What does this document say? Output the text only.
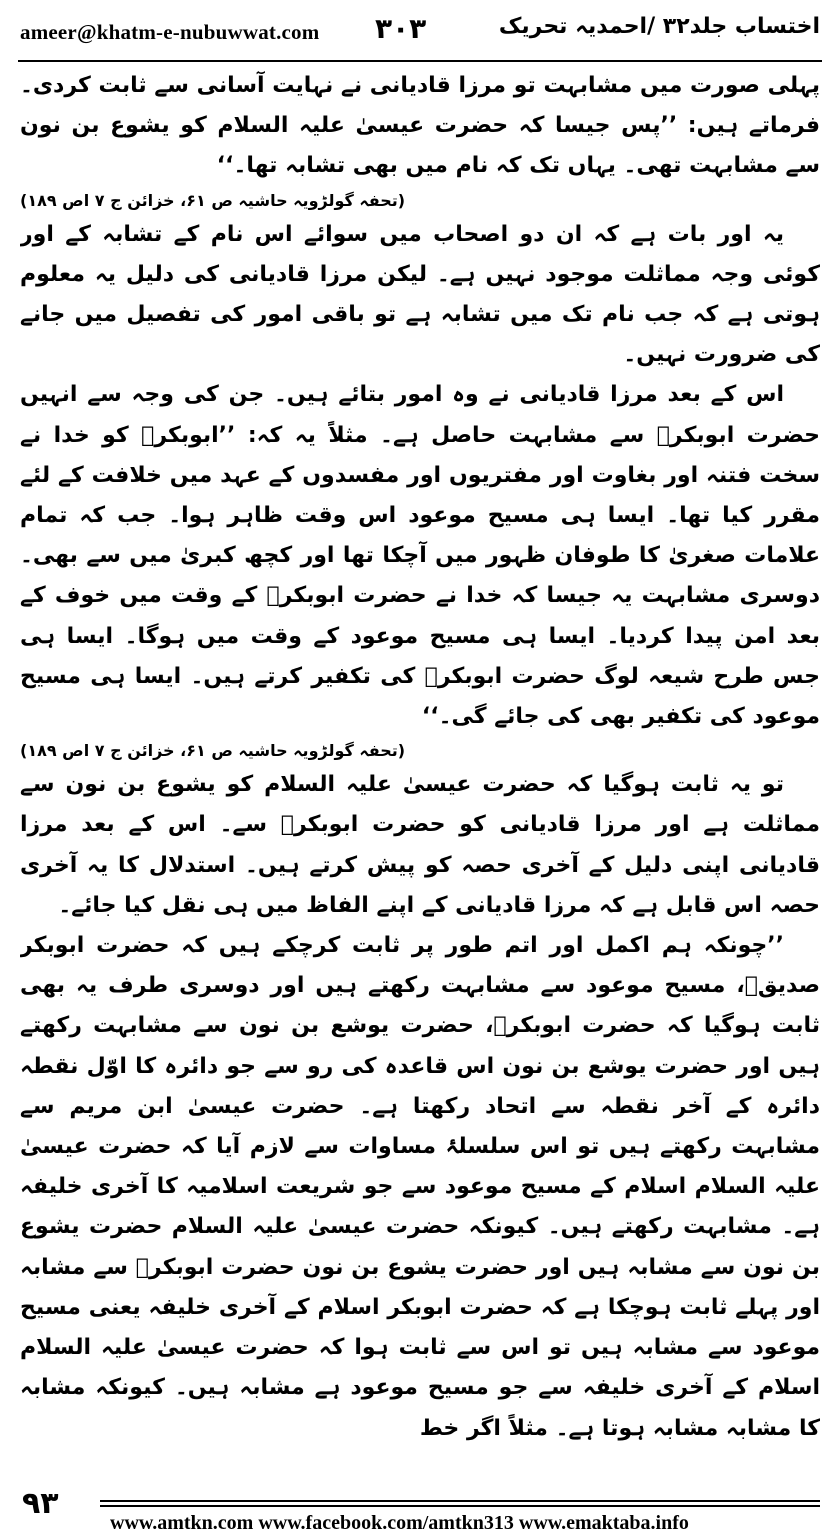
ameer@khatm-e-nubuwwat.com ۳۰۳	اختساب جلد۳۲ /احمدیہ تحریک

پہلی صورت میں مشابہت تو مرزا قادیانی نے نہایت آسانی سے ثابت کردی۔ فرماتے ہیں: ’’پس جیسا کہ حضرت عیسیٰ علیہ السلام کو یشوع بن نون سے مشابہت تھی۔ یہاں تک کہ نام میں بھی تشابہ تھا۔‘‘

(تحفہ گولڑویہ حاشیہ ص ۶۱، خزائن ج ۷ اص ۱۸۹)

یہ اور بات ہے کہ ان دو اصحاب میں سوائے اس نام کے تشابہ کے اور کوئی وجہ مماثلت موجود نہیں ہے۔ لیکن مرزا قادیانی کی دلیل یہ معلوم ہوتی ہے کہ جب نام تک میں تشابہ ہے تو باقی امور کی تفصیل میں جانے کی ضرورت نہیں۔

اس کے بعد مرزا قادیانی نے وہ امور بتائے ہیں۔ جن کی وجہ سے انہیں حضرت ابوبکرؓ سے مشابہت حاصل ہے۔ مثلاً یہ کہ: ’’ابوبکرؓ کو خدا نے سخت فتنہ اور بغاوت اور مفتریوں اور مفسدوں کے عہد میں خلافت کے لئے مقرر کیا تھا۔ ایسا ہی مسیح موعود اس وقت ظاہر ہوا۔ جب کہ تمام علامات صغریٰ کا طوفان ظہور میں آچکا تھا اور کچھ کبریٰ میں سے بھی۔ دوسری مشابہت یہ جیسا کہ خدا نے حضرت ابوبکرؓ کے وقت میں خوف کے بعد امن پیدا کردیا۔ ایسا ہی مسیح موعود کے وقت میں ہوگا۔ ایسا ہی جس طرح شیعہ لوگ حضرت ابوبکرؓ کی تکفیر کرتے ہیں۔ ایسا ہی مسیح موعود کی تکفیر بھی کی جائے گی۔‘‘

(تحفہ گولڑویہ حاشیہ ص ۶۱، خزائن ج ۷ اص ۱۸۹)

تو یہ ثابت ہوگیا کہ حضرت عیسیٰ علیہ السلام کو یشوع بن نون سے مماثلت ہے اور مرزا قادیانی کو حضرت ابوبکرؓ سے۔ اس کے بعد مرزا قادیانی اپنی دلیل کے آخری حصہ کو پیش کرتے ہیں۔ استدلال کا یہ آخری حصہ اس قابل ہے کہ مرزا قادیانی کے اپنے الفاظ میں ہی نقل کیا جائے۔

’’چونکہ ہم اکمل اور اتم طور پر ثابت کرچکے ہیں کہ حضرت ابوبکر صدیقؓ، مسیح موعود سے مشابہت رکھتے ہیں اور دوسری طرف یہ بھی ثابت ہوگیا کہ حضرت ابوبکرؓ، حضرت یوشع بن نون سے مشابہت رکھتے ہیں اور حضرت یوشع بن نون اس قاعدہ کی رو سے جو دائرہ کا اوّل نقطہ دائرہ کے آخر نقطہ سے اتحاد رکھتا ہے۔ حضرت عیسیٰ ابن مریم سے مشابہت رکھتے ہیں تو اس سلسلۂ مساوات سے لازم آیا کہ حضرت عیسیٰ علیہ السلام اسلام کے مسیح موعود سے جو شریعت اسلامیہ کا آخری خلیفہ ہے۔ مشابہت رکھتے ہیں۔ کیونکہ حضرت عیسیٰ علیہ السلام حضرت یشوع بن نون سے مشابہ ہیں اور حضرت یشوع بن نون حضرت ابوبکرؓ سے مشابہ اور پہلے ثابت ہوچکا ہے کہ حضرت ابوبکر اسلام کے آخری خلیفہ یعنی مسیح موعود سے مشابہ ہیں تو اس سے ثابت ہوا کہ حضرت عیسیٰ علیہ السلام اسلام کے آخری خلیفہ سے جو مسیح موعود ہے مشابہ ہیں۔ کیونکہ مشابہ کا مشابہ مشابہ ہوتا ہے۔ مثلاً اگر خط

۹۳
www.amtkn.com www.facebook.com/amtkn313 www.emaktaba.info
